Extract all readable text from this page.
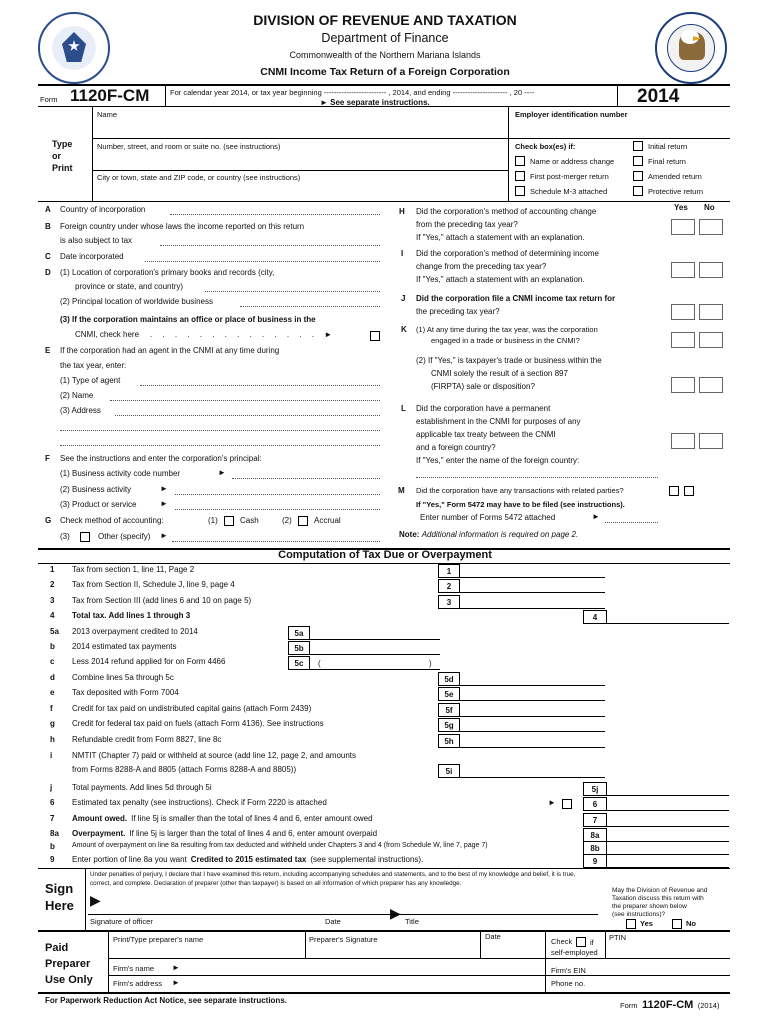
DIVISION OF REVENUE AND TAXATION
Department of Finance
Commonwealth of the Northern Mariana Islands
CNMI Income Tax Return of a Foreign Corporation
Form 1120F-CM	For calendar year 2014, or tax year beginning ------------------------- , 2014, and ending ---------------------- , 20 ----
► See separate instructions.	2014
Name	Employer identification number
Type
or
Print
Number, street, and room or suite no. (see instructions)
City or town, state and ZIP code, or country (see instructions)
Check box(es) if:	Initial return
Name or address change	Final return
First post-merger return	Amended return
Schedule M-3 attached	Protective return
A Country of incorporation
B Foreign country under whose laws the income reported on this return
is also subject to tax
C Date incorporated
D (1) Location of corporation's primary books and records (city,
province or state, and country)
(2) Principal location of worldwide business
(3) If the corporation maintains an office or place of business in the
CNMI, check here . . . . . . . . . . . . . . ►
E If the corporation had an agent in the CNMI at any time during
the tax year, enter:
(1) Type of agent
(2) Name
(3) Address
F See the instructions and enter the corporation's principal:
(1) Business activity code number	►
(2) Business activity	►
(3) Product or service	►
G Check method of accounting:	(1)	Cash	(2)	Accrual
(3)	Other (specify) ►
Yes No
H Did the corporation's method of accounting change
from the preceding tax year?
If "Yes," attach a statement with an explanation.
I Did the corporation's method of determining income
change from the preceding tax year?
If "Yes," attach a statement with an explanation.
J Did the corporation file a CNMI income tax return for
the preceding tax year?
K (1) At any time during the tax year, was the corporation
engaged in a trade or business in the CNMI?
(2) If "Yes," is taxpayer's trade or business within the
CNMI solely the result of a section 897
(FIRPTA) sale or disposition?
L Did the corporation have a permanent
establishment in the CNMI for purposes of any
applicable tax treaty between the CNMI
and a foreign country?
If "Yes," enter the name of the foreign country:
M Did the corporation have any transactions with related parties?
If "Yes," Form 5472 may have to be filed (see instructions).
Enter number of Forms 5472 attached	►
Note: Additional information is required on page 2.
Computation of Tax Due or Overpayment
1 Tax from section 1, line 11, Page 2	1
2 Tax from Section II, Schedule J, line 9, page 4	2
3 Tax from Section III (add lines 6 and 10 on page 5)	3
4 Total tax. Add lines 1 through 3	4
5a 2013 overpayment credited to 2014	5a
b 2014 estimated tax payments	5b
c Less 2014 refund applied for on Form 4466	5c
d Combine lines 5a through 5c	5d
e Tax deposited with Form 7004	5e
f Credit for tax paid on undistributed capital gains (attach Form 2439)	5f
g Credit for federal tax paid on fuels (attach Form 4136). See instructions	5g
h Refundable credit from Form 8827, line 8c	5h
i NMTIT (Chapter 7) paid or withheld at source (add line 12, page 2, and amounts
from Forms 8288-A and 8805 (attach Forms 8288-A and 8805))	5i
j Total payments. Add lines 5d through 5i	5j
6 Estimated tax penalty (see instructions). Check if Form 2220 is attached	6
7 Amount owed. If line 5j is smaller than the total of lines 4 and 6, enter amount owed	7
8a Overpayment. If line 5j is larger than the total of lines 4 and 6, enter amount overpaid	8a
b Amount of overpayment on line 8a resulting from tax deducted and withheld under Chapters 3 and 4 (from Schedule W, line 7, page 7)	8b
9 Enter portion of line 8a you want Credited to 2015 estimated tax (see supplemental instructions).	9
(	)
►
Under penalties of perjury, I declare that I have examined this return, including accompanying schedules and statements, and to the best of my knowledge and belief, it is true,
correct, and complete. Declaration of preparer (other than taxpayer) is based on all information of which preparer has any knowledge.
Sign
Here ▶
▶
Signature of officer	Date	Title
May the Division of Revenue and
Taxation discuss this return with
the preparer shown below
(see instructions)?
Yes	No
Paid
Preparer
Use Only
Print/Type preparer's name	Preparer's Signature	Date
Check if
self-employed
PTIN
Firm's name ►	Firm's EIN
Firm's address ►	Phone no.
For Paperwork Reduction Act Notice, see separate instructions.
Form 1120F-CM (2014)
